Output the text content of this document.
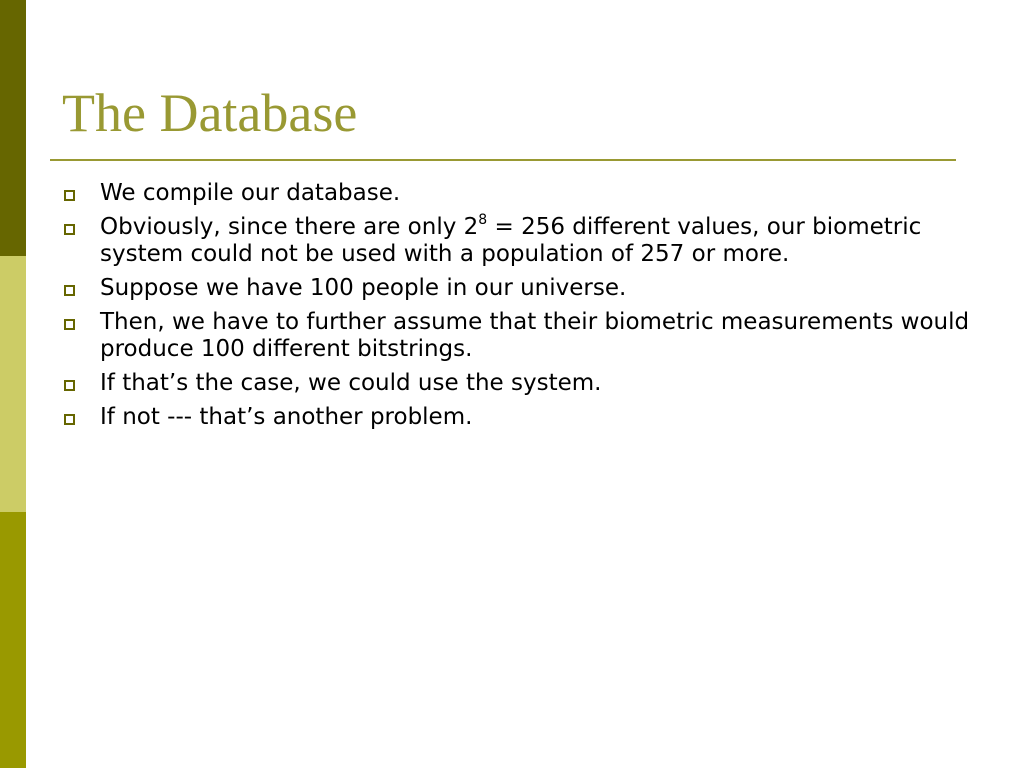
The Database
We compile our database.
Obviously, since there are only $2^8 = 256$ different values, our biometric system could not be used with a population of 257 or more.
Suppose we have 100 people in our universe.
Then, we have to further assume that their biometric measurements would produce 100 different bitstrings.
If that’s the case, we could use the system.
If not --- that’s another problem.
